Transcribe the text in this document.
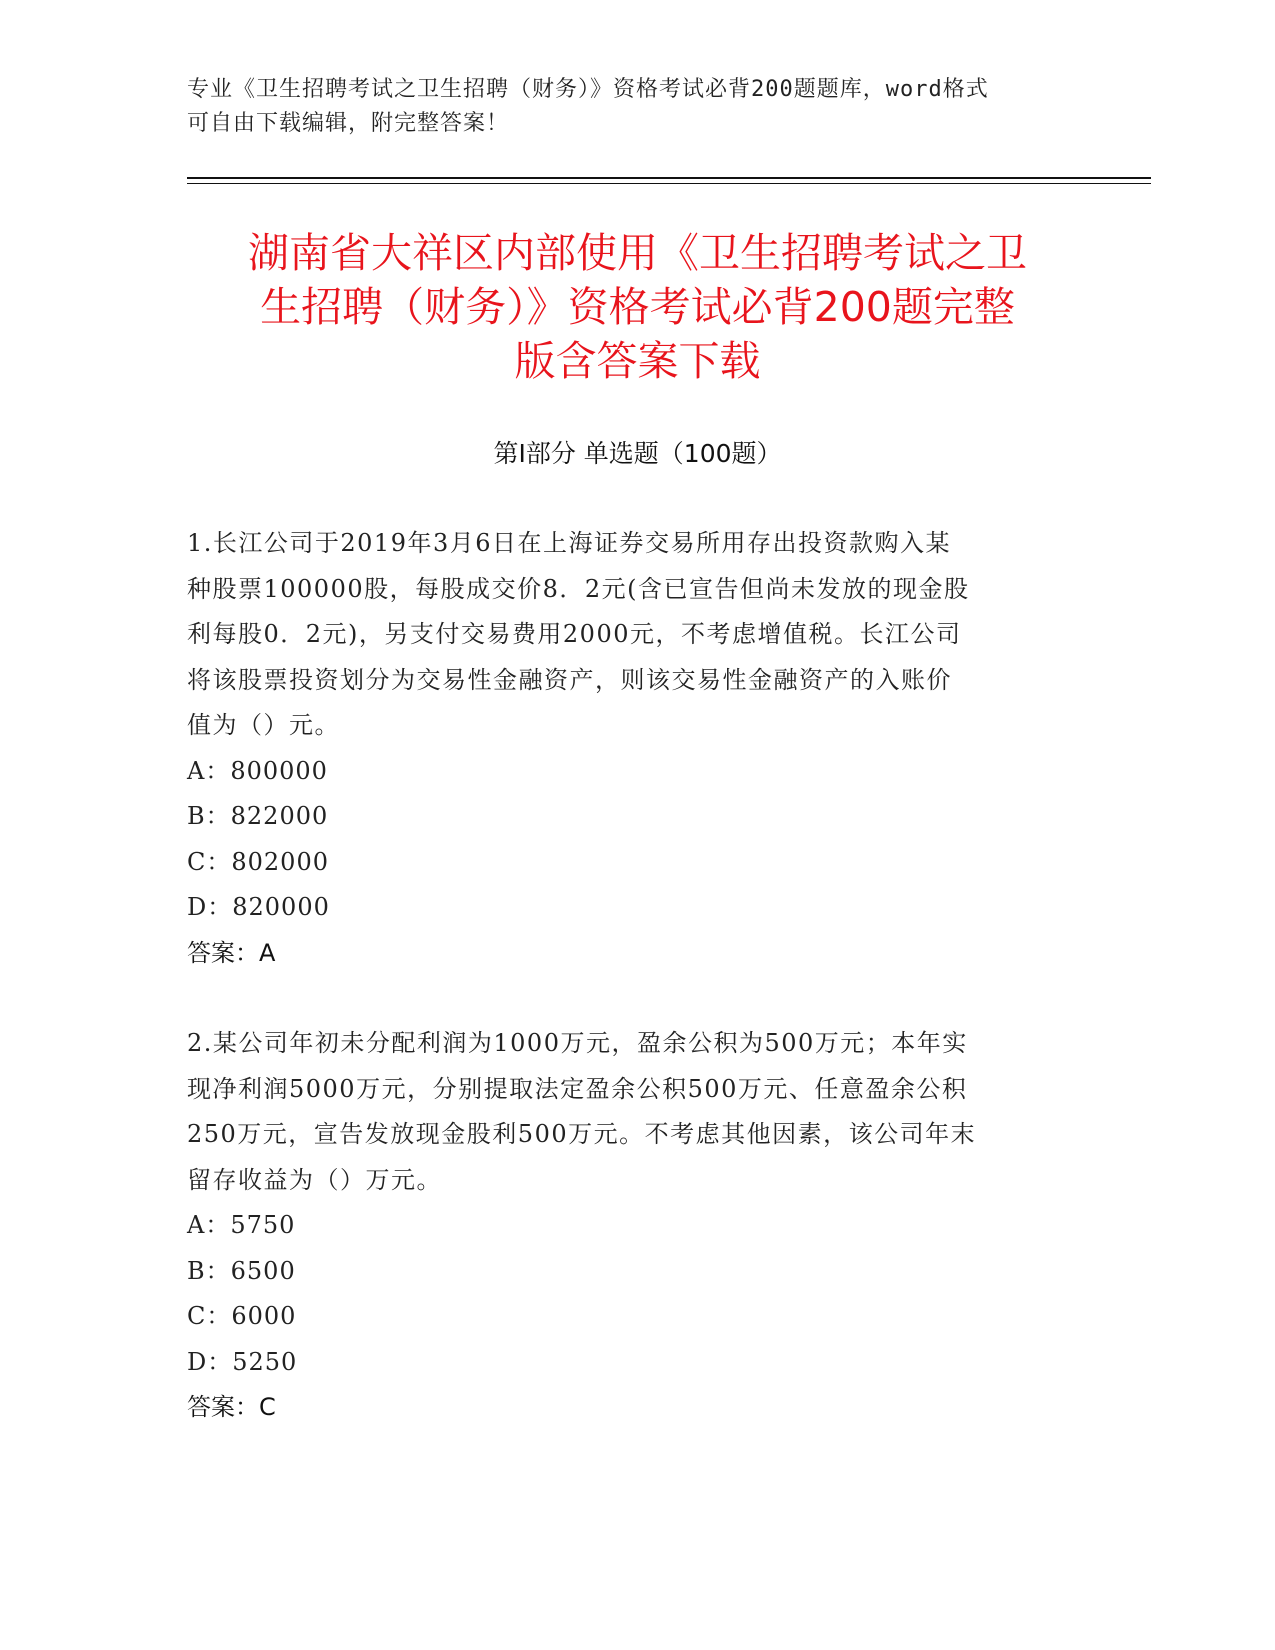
专业《卫生招聘考试之卫生招聘（财务）》资格考试必背200题题库，word格式
可自由下载编辑，附完整答案！
湖南省大祥区内部使用《卫生招聘考试之卫
生招聘（财务）》资格考试必背200题完整
版含答案下载
第Ⅰ部分 单选题（100题）
1.长江公司于2019年3月6日在上海证券交易所用存出投资款购入某
种股票100000股，每股成交价8．2元(含已宣告但尚未发放的现金股
利每股0．2元)，另支付交易费用2000元，不考虑增值税。长江公司
将该股票投资划分为交易性金融资产，则该交易性金融资产的入账价
值为（）元。
A：800000
B：822000
C：802000
D：820000
答案：A
2.某公司年初未分配利润为1000万元，盈余公积为500万元；本年实
现净利润5000万元，分别提取法定盈余公积500万元、任意盈余公积
250万元，宣告发放现金股利500万元。不考虑其他因素，该公司年末
留存收益为（）万元。
A：5750
B：6500
C：6000
D：5250
答案：C
